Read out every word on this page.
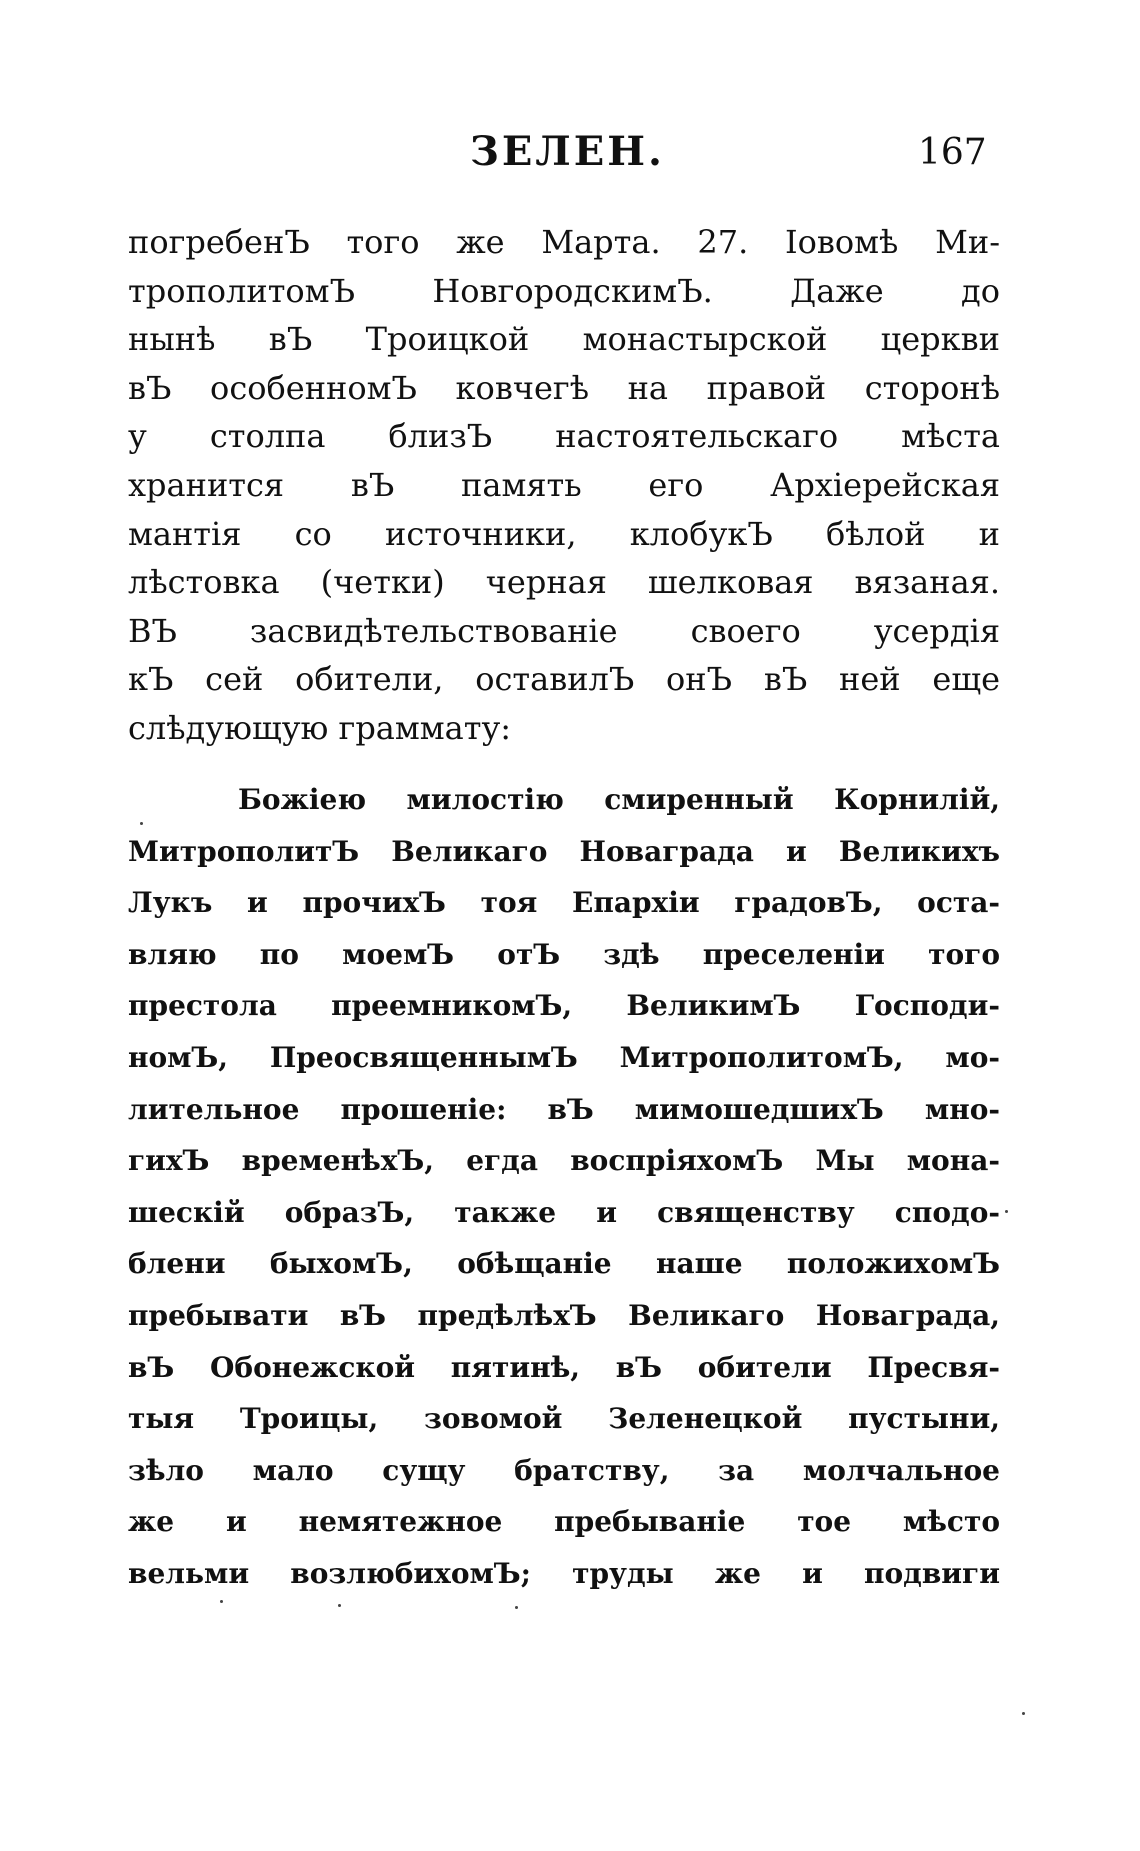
ЗЕЛЕН.	167
погребенЪ того же Марта. 27. Iовомѣ Ми-
трополитомЪ НовгородскимЪ. Даже до
нынѣ вЪ Троицкой монастырской церкви
вЪ особенномЪ ковчегѣ на правой сторонѣ
у столпа близЪ настоятельскаго мѣста
хранится вЪ память его Архiерейская
мантiя со источники, клобукЪ бѣлой и
лѣстовка (четки) черная шелковая вязаная.
ВЪ засвидѣтельствованiе своего усердiя
кЪ сей обители, оставилЪ онЪ вЪ ней еще
слѣдующую граммату:
Божiею милостiю смиренный Корнилiй,
МитрополитЪ Великаго Новаграда и Великихъ
Лукъ и прочихЪ тоя Епархiи градовЪ, оста-
вляю по моемЪ отЪ здѣ преселенiи того
престола преемникомЪ, ВеликимЪ Господи-
номЪ, ПреосвященнымЪ МитрополитомЪ, мо-
лительное прошенiе: вЪ мимошедшихЪ мно-
гихЪ временѣхЪ, егда воспрiяхомЪ Мы мона-
шескiй образЪ, также и священству сподо-
блени быхомЪ, обѣщанiе наше положихомЪ
пребывати вЪ предѣлѣхЪ Великаго Новаграда,
вЪ Обонежской пятинѣ, вЪ обители Пресвя-
тыя Троицы, зовомой Зеленецкой пустыни,
зѣло мало сущу братству, за молчальное
же и немятежное пребыванiе тое мѣсто
вельми возлюбихомЪ; труды же и подвиги
